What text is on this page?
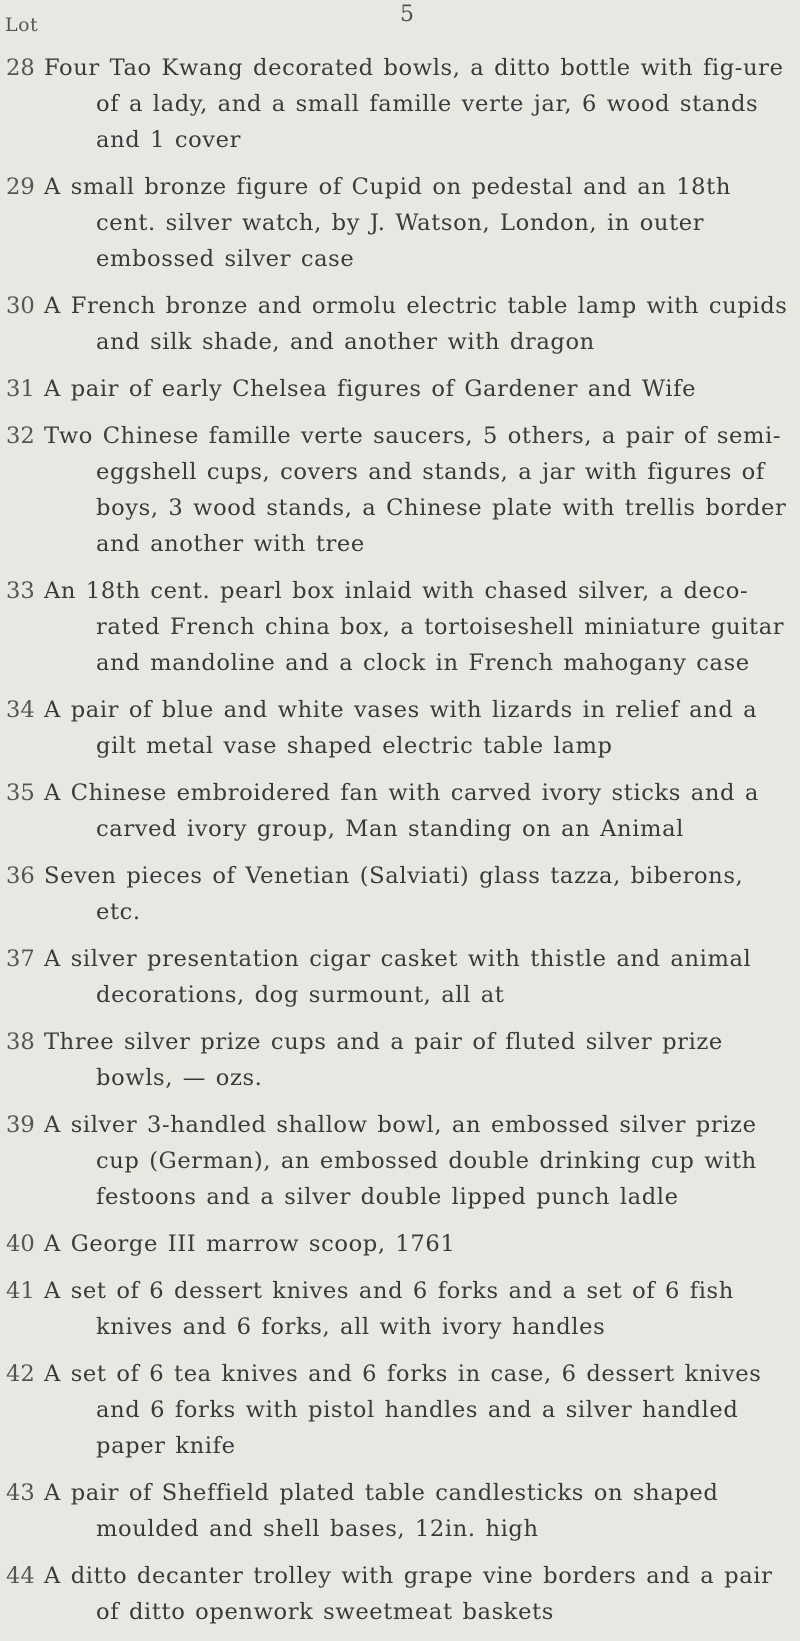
5
Lot
28 Four Tao Kwang decorated bowls, a ditto bottle with fig-ure of a lady, and a small famille verte jar, 6 wood stands and 1 cover
29 A small bronze figure of Cupid on pedestal and an 18th cent. silver watch, by J. Watson, London, in outer embossed silver case
30 A French bronze and ormolu electric table lamp with cupids and silk shade, and another with dragon
31 A pair of early Chelsea figures of Gardener and Wife
32 Two Chinese famille verte saucers, 5 others, a pair of semi-eggshell cups, covers and stands, a jar with figures of boys, 3 wood stands, a Chinese plate with trellis border and another with tree
33 An 18th cent. pearl box inlaid with chased silver, a deco-rated French china box, a tortoiseshell miniature guitar and mandoline and a clock in French mahogany case
34 A pair of blue and white vases with lizards in relief and a gilt metal vase shaped electric table lamp
35 A Chinese embroidered fan with carved ivory sticks and a carved ivory group, Man standing on an Animal
36 Seven pieces of Venetian (Salviati) glass tazza, biberons, etc.
37 A silver presentation cigar casket with thistle and animal decorations, dog surmount, all at
38 Three silver prize cups and a pair of fluted silver prize bowls, — ozs.
39 A silver 3-handled shallow bowl, an embossed silver prize cup (German), an embossed double drinking cup with festoons and a silver double lipped punch ladle
40 A George III marrow scoop, 1761
41 A set of 6 dessert knives and 6 forks and a set of 6 fish knives and 6 forks, all with ivory handles
42 A set of 6 tea knives and 6 forks in case, 6 dessert knives and 6 forks with pistol handles and a silver handled paper knife
43 A pair of Sheffield plated table candlesticks on shaped moulded and shell bases, 12in. high
44 A ditto decanter trolley with grape vine borders and a pair of ditto openwork sweetmeat baskets
